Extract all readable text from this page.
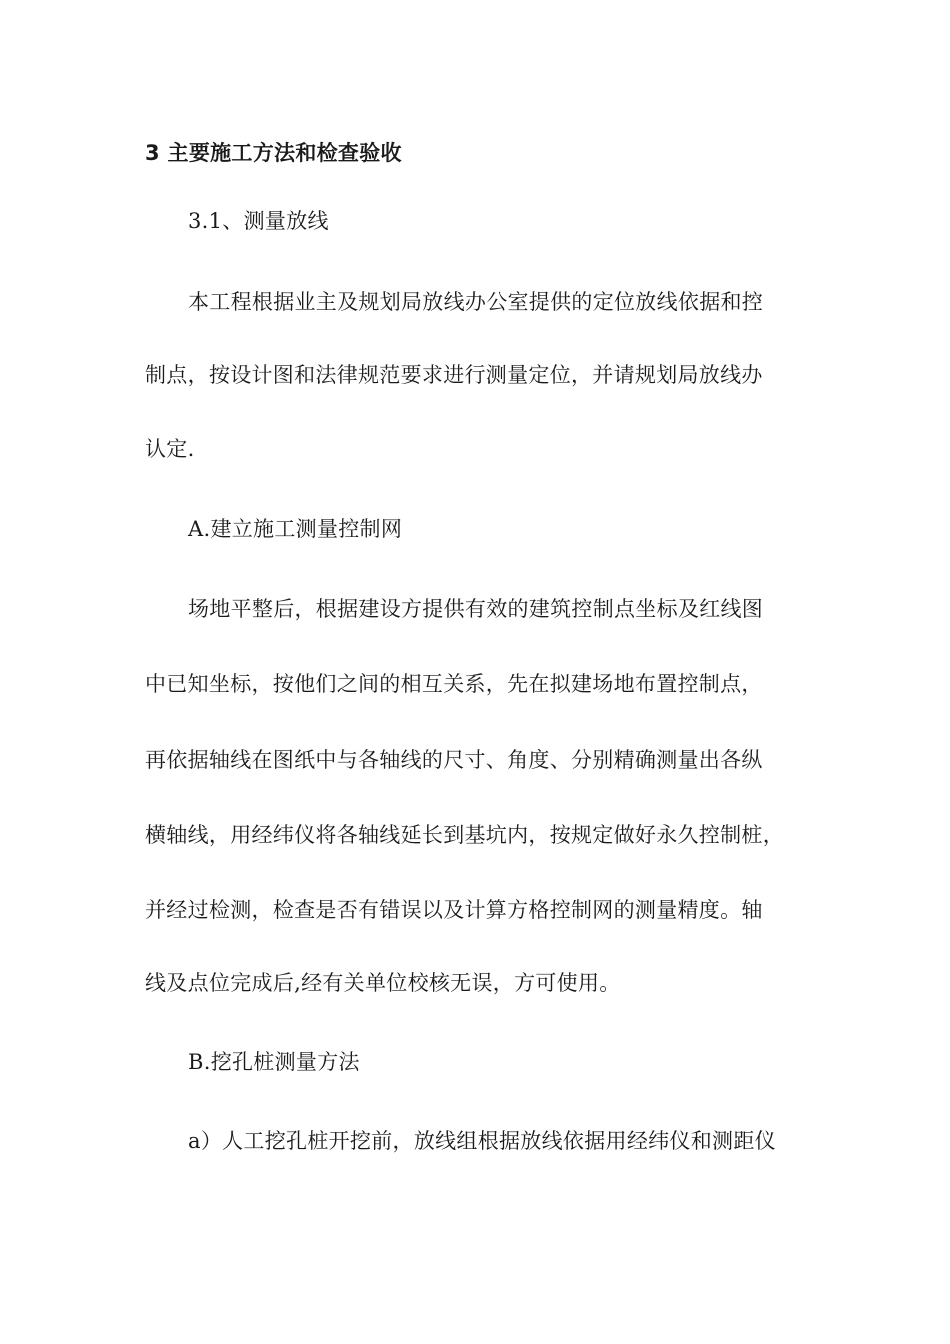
3 主要施工方法和检查验收
3.1、测量放线
本工程根据业主及规划局放线办公室提供的定位放线依据和控
制点，按设计图和法律规范要求进行测量定位，并请规划局放线办
认定.
A.建立施工测量控制网
场地平整后，根据建设方提供有效的建筑控制点坐标及红线图
中已知坐标，按他们之间的相互关系，先在拟建场地布置控制点，
再依据轴线在图纸中与各轴线的尺寸、角度、分别精确测量出各纵
横轴线，用经纬仪将各轴线延长到基坑内，按规定做好永久控制桩，
并经过检测，检查是否有错误以及计算方格控制网的测量精度。轴
线及点位完成后,经有关单位校核无误，方可使用。
B.挖孔桩测量方法
a）人工挖孔桩开挖前，放线组根据放线依据用经纬仪和测距仪
